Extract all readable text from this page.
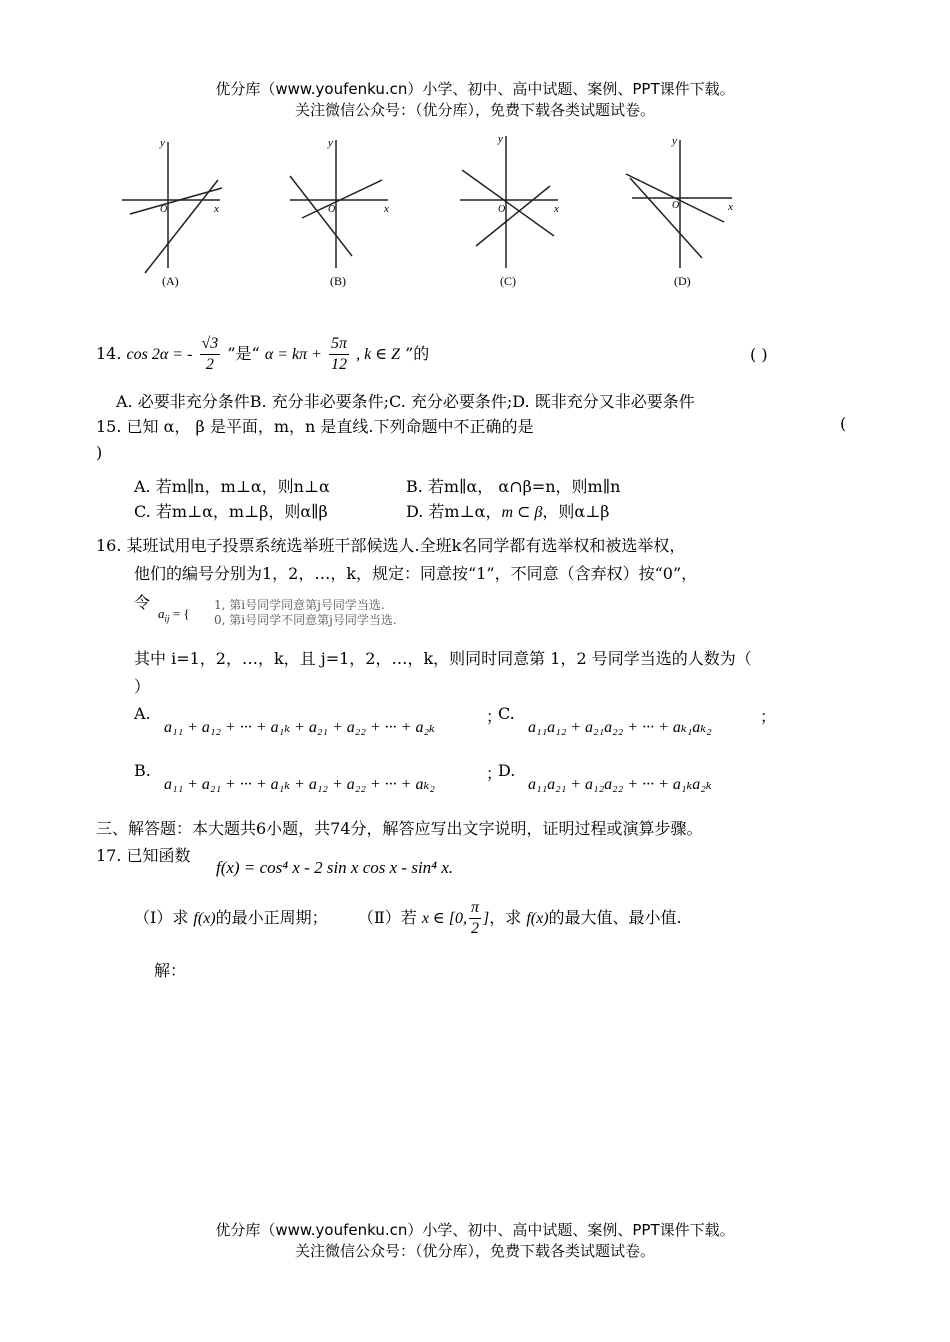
优分库（www.youfenku.cn）小学、初中、高中试题、案例、PPT课件下载。
关注微信公众号：（优分库），免费下载各类试题试卷。
x
y
O
(A)
x
y
O
(B)
x
y
O
(C)
x
y
O
(D)
14. cos 2α = - $\frac{√3}{2}$ ”是“ $\alpha = k\pi + \frac{5\pi}{12}$ , k ∈ Z ”的	( )
A. 必要非充分条件B. 充分非必要条件;C. 充分必要条件;D. 既非充分又非必要条件
15. 已知 α， β 是平面，m，n 是直线.下列命题中不正确的是	(
)
A. 若m∥n，m⊥α，则n⊥α	B. 若m∥α， α∩β=n，则m∥n
C. 若m⊥α，m⊥β，则α∥β	D. 若m⊥α，m ⊂ β，则α⊥β
16. 某班试用电子投票系统选举班干部候选人.全班k名同学都有选举权和被选举权，
他们的编号分别为1，2，…，k，规定：同意按“1”，不同意（含弃权）按“0”，
令
$a_{ij}$ = {
1, 第i号同学同意第j号同学当选.
0, 第i号同学不同意第j号同学当选.
其中 i=1，2，…，k，且 j=1，2，…，k，则同时同意第 1，2 号同学当选的人数为（
）
A.
a₁₁ + a₁₂ + ··· + a₁ₖ + a₂₁ + a₂₂ + ··· + a₂ₖ
；
C.
a₁₁a₁₂ + a₂₁a₂₂ + ··· + aₖ₁aₖ₂
；
B.
a₁₁ + a₂₁ + ··· + a₁ₖ + a₁₂ + a₂₂ + ··· + aₖ₂
；
D.
a₁₁a₂₁ + a₁₂a₂₂ + ··· + a₁ₖa₂ₖ
三、解答题：本大题共6小题，共74分，解答应写出文字说明，证明过程或演算步骤。
17. 已知函数
f(x) = cos⁴ x - 2 sin x cos x - sin⁴ x.
（Ⅰ）求 f(x)的最小正周期； （Ⅱ）若 x ∈ [0, $\frac{\pi}{2}$ ]，求 f(x)的最大值、最小值.
解：
优分库（www.youfenku.cn）小学、初中、高中试题、案例、PPT课件下载。
关注微信公众号：（优分库），免费下载各类试题试卷。
